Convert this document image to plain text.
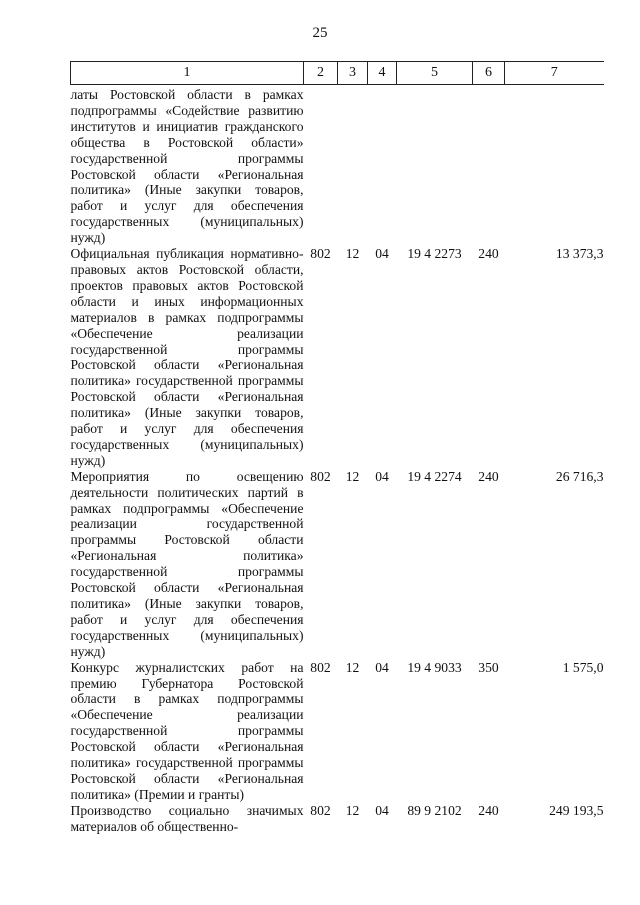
25
1	2	3	4	5	6	7
латы Ростовской области в рамках подпрограммы «Содействие развитию институтов и инициатив гражданского общества в Ростовской области» государственной программы Ростовской области «Региональная политика» (Иные закупки товаров, работ и услуг для обеспечения государственных (муниципальных) нужд)						
Официальная публикация нормативно-правовых актов Ростовской области, проектов правовых актов Ростовской области и иных информационных материалов в рамках подпрограммы «Обеспечение реализации государственной программы Ростовской области «Региональная политика» государственной программы Ростовской области «Региональная политика» (Иные закупки товаров, работ и услуг для обеспечения государственных (муниципальных) нужд)	802	12	04	19 4 2273	240	13 373,3
Мероприятия по освещению деятельности политических партий в рамках подпрограммы «Обеспечение реализации государственной программы Ростовской области «Региональная политика» государственной программы Ростовской области «Региональная политика» (Иные закупки товаров, работ и услуг для обеспечения государственных (муниципальных) нужд)	802	12	04	19 4 2274	240	26 716,3
Конкурс журналистских работ на премию Губернатора Ростовской области в рамках подпрограммы «Обеспечение реализации государственной программы Ростовской области «Региональная политика» государственной программы Ростовской области «Региональная политика» (Премии и гранты)	802	12	04	19 4 9033	350	1 575,0
Производство социально значимых материалов об общественно-	802	12	04	89 9 2102	240	249 193,5
